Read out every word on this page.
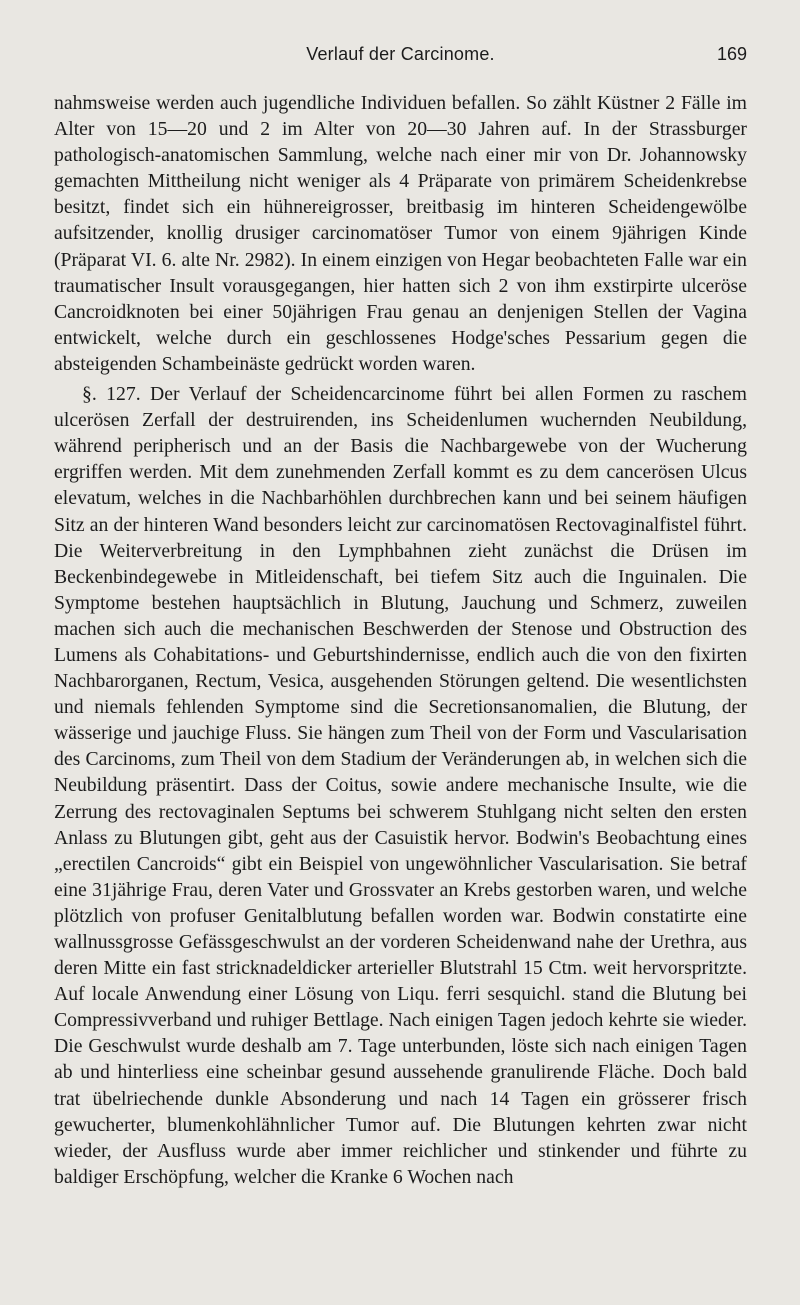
Verlauf der Carcinome.	169

nahmsweise werden auch jugendliche Individuen befallen. So zählt Küstner 2 Fälle im Alter von 15—20 und 2 im Alter von 20—30 Jahren auf. In der Strassburger pathologisch-anatomischen Sammlung, welche nach einer mir von Dr. Johannowsky gemachten Mittheilung nicht weniger als 4 Präparate von primärem Scheidenkrebse besitzt, findet sich ein hühnereigrosser, breitbasig im hinteren Scheidengewölbe aufsitzender, knollig drusiger carcinomatöser Tumor von einem 9jährigen Kinde (Präparat VI. 6. alte Nr. 2982). In einem einzigen von Hegar beobachteten Falle war ein traumatischer Insult vorausgegangen, hier hatten sich 2 von ihm exstirpirte ulceröse Cancroidknoten bei einer 50jährigen Frau genau an denjenigen Stellen der Vagina entwickelt, welche durch ein geschlossenes Hodge'sches Pessarium gegen die absteigenden Schambeinäste gedrückt worden waren.

§. 127. Der Verlauf der Scheidencarcinome führt bei allen Formen zu raschem ulcerösen Zerfall der destruirenden, ins Scheidenlumen wuchernden Neubildung, während peripherisch und an der Basis die Nachbargewebe von der Wucherung ergriffen werden. Mit dem zunehmenden Zerfall kommt es zu dem cancerösen Ulcus elevatum, welches in die Nachbarhöhlen durchbrechen kann und bei seinem häufigen Sitz an der hinteren Wand besonders leicht zur carcinomatösen Rectovaginalfistel führt. Die Weiterverbreitung in den Lymphbahnen zieht zunächst die Drüsen im Beckenbindegewebe in Mitleidenschaft, bei tiefem Sitz auch die Inguinalen. Die Symptome bestehen hauptsächlich in Blutung, Jauchung und Schmerz, zuweilen machen sich auch die mechanischen Beschwerden der Stenose und Obstruction des Lumens als Cohabitations- und Geburtshindernisse, endlich auch die von den fixirten Nachbarorganen, Rectum, Vesica, ausgehenden Störungen geltend. Die wesentlichsten und niemals fehlenden Symptome sind die Secretionsanomalien, die Blutung, der wässerige und jauchige Fluss. Sie hängen zum Theil von der Form und Vascularisation des Carcinoms, zum Theil von dem Stadium der Veränderungen ab, in welchen sich die Neubildung präsentirt. Dass der Coitus, sowie andere mechanische Insulte, wie die Zerrung des rectovaginalen Septums bei schwerem Stuhlgang nicht selten den ersten Anlass zu Blutungen gibt, geht aus der Casuistik hervor. Bodwin's Beobachtung eines „erectilen Cancroids“ gibt ein Beispiel von ungewöhnlicher Vascularisation. Sie betraf eine 31jährige Frau, deren Vater und Grossvater an Krebs gestorben waren, und welche plötzlich von profuser Genitalblutung befallen worden war. Bodwin constatirte eine wallnussgrosse Gefässgeschwulst an der vorderen Scheidenwand nahe der Urethra, aus deren Mitte ein fast stricknadeldicker arterieller Blutstrahl 15 Ctm. weit hervorspritzte. Auf locale Anwendung einer Lösung von Liqu. ferri sesquichl. stand die Blutung bei Compressivverband und ruhiger Bettlage. Nach einigen Tagen jedoch kehrte sie wieder. Die Geschwulst wurde deshalb am 7. Tage unterbunden, löste sich nach einigen Tagen ab und hinterliess eine scheinbar gesund aussehende granulirende Fläche. Doch bald trat übelriechende dunkle Absonderung und nach 14 Tagen ein grösserer frisch gewucherter, blumenkohlähnlicher Tumor auf. Die Blutungen kehrten zwar nicht wieder, der Ausfluss wurde aber immer reichlicher und stinkender und führte zu baldiger Erschöpfung, welcher die Kranke 6 Wochen nach
